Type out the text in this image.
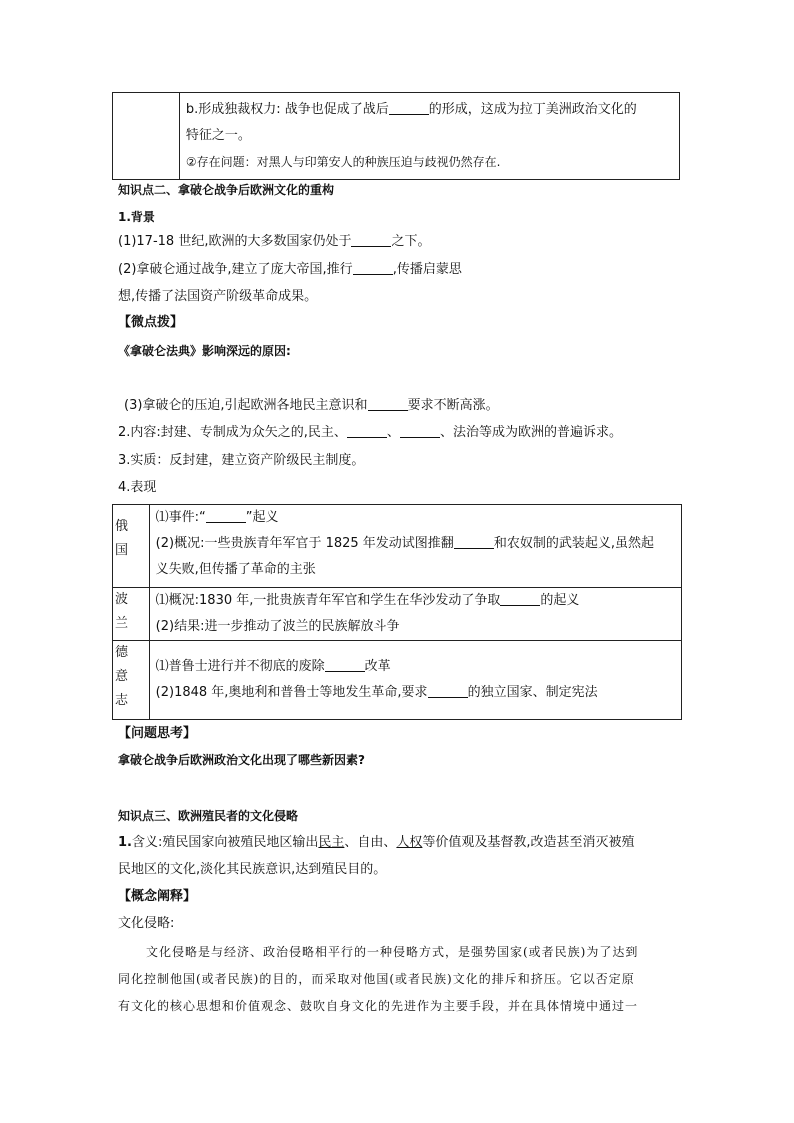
b.形成独裁权力: 战争也促成了战后	的形成，这成为拉丁美洲政治文化的
特征之一。
②存在问题：对黑人与印第安人的种族压迫与歧视仍然存在.
知识点二、拿破仑战争后欧洲文化的重构
1.背景
(1)17-18 世纪,欧洲的大多数国家仍处于	之下。
(2)拿破仑通过战争,建立了庞大帝国,推行	,传播启蒙思
想,传播了法国资产阶级革命成果。
【微点拨】
《拿破仑法典》影响深远的原因:
(3)拿破仑的压迫,引起欧洲各地民主意识和	要求不断高涨。
2.内容:封建、专制成为众矢之的,民主、	、	、法治等成为欧洲的普遍诉求。
3.实质：反封建，建立资产阶级民主制度。
4.表现
俄国	⑴事件:“ ”起义
(2)概况:一些贵族青年军官于 1825 年发动试图推翻 和农奴制的武装起义,虽然起
义失败,但传播了革命的主张

波兰	⑴概况:1830 年,一批贵族青年军官和学生在华沙发动了争取 的起义
(2)结果:进一步推动了波兰的民族解放斗争

德意志	⑴普鲁士进行并不彻底的废除 改革
(2)1848 年,奥地利和普鲁士等地发生革命,要求 的独立国家、制定宪法
【问题思考】
拿破仑战争后欧洲政治文化出现了哪些新因素?
知识点三、欧洲殖民者的文化侵略
1.含义:殖民国家向被殖民地区输出民主、自由、人权等价值观及基督教,改造甚至消灭被殖
民地区的文化,淡化其民族意识,达到殖民目的。
【概念阐释】
文化侵略:
文化侵略是与经济、政治侵略相平行的一种侵略方式，是强势国家(或者民族)为了达到
同化控制他国(或者民族)的目的，而采取对他国(或者民族)文化的排斥和挤压。它以否定原
有文化的核心思想和价值观念、鼓吹自身文化的先进作为主要手段，并在具体情境中通过一
